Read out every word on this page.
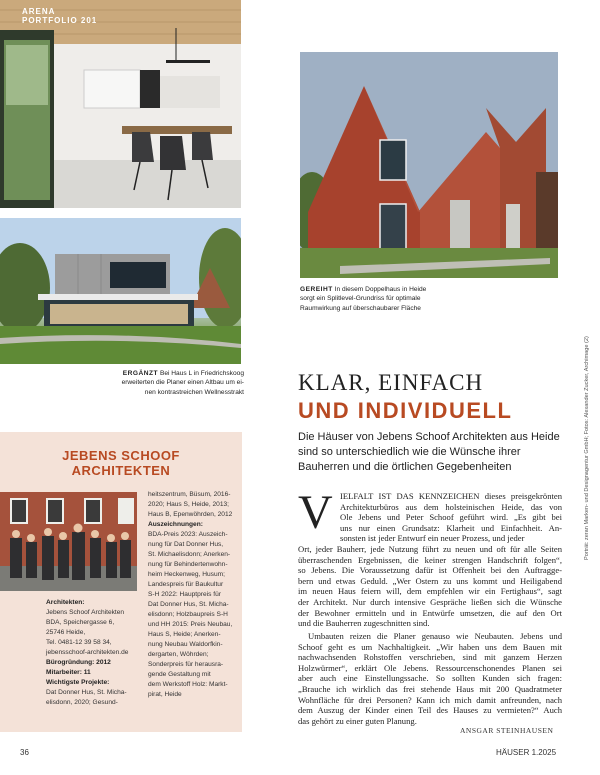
ARENA
PORTFOLIO 201
GEREIHT In diesem Doppelhaus in Heide
sorgt ein Splitlevel-Grundriss für optimale
Raumwirkung auf überschaubarer Fläche
ERGÄNZT Bei Haus L in Friedrichskoog
erweiterten die Planer einen Altbau um ei-
nen kontrastreichen Wellnesstrakt KLAR, EINFACH
UND INDIVIDUELL
Die Häuser von Jebens Schoof Architekten aus Heide sind so unterschiedlich wie die Wünsche ihrer Bauherren und die örtlichen Gegebenheiten
V IELFALT IST DAS KENNZEICHEN dieses preisgekrönten
Architekturbüros aus dem holsteinischen Heide, das von
Ole Jebens und Peter Schoof geführt wird. „Es gibt bei
uns nur einen Grundsatz: Klarheit und Einfachheit. An-
sonsten ist jeder Entwurf ein neuer Prozess, und jeder
Ort, jeder Bauherr, jede Nutzung führt zu neuen und oft für alle Seiten
überraschenden Ergebnissen, die keiner strengen Handschrift folgen“,
so Jebens. Die Voraussetzung dafür ist Offenheit bei den Auftragge-
bern und etwas Geduld. „Wer Ostern zu uns kommt und Heiligabend
im neuen Haus feiern will, dem empfehlen wir ein Fertighaus“, sagt
der Architekt. Nur durch intensive Gespräche ließen sich die Wünsche
der Bewohner ermitteln und in Entwürfe umsetzen, die auf den Ort
und die Bauherren zugeschnitten sind.
Umbauten reizen die Planer genauso wie Neubauten. Jebens und
Schoof geht es um Nachhaltigkeit. „Wir haben uns dem Bauen mit
nachwachsenden Rohstoffen verschrieben, sind mit ganzem Herzen
Holzwürmer“, erklärt Ole Jebens. Ressourcenschonendes Planen sei
aber auch eine Einstellungssache. So sollten Kunden sich fragen:
„Brauche ich wirklich das frei stehende Haus mit 200 Quadratmeter
Wohnfläche für drei Personen? Kann ich mich damit anfreunden, nach
dem Auszug der Kinder einen Teil des Hauses zu vermieten?“ Auch
das gehört zu einer guten Planung.
ANSGAR STEINHAUSEN
JEBENS SCHOOF
ARCHITEKTEN
Architekten:
Jebens Schoof Architekten
BDA, Speichergasse 6,
25746 Heide,
Tel. 0481-12 39 58 34,
jebensschoof-architekten.de
Bürogründung: 2012
Mitarbeiter: 11
Wichtigste Projekte:
Dat Donner Hus, St. Micha-
elisdonn, 2020; Gesund-
heitszentrum, Büsum, 2016-
2020; Haus S, Heide, 2013;
Haus B, Epenwöhrden, 2012
Auszeichnungen:
BDA-Preis 2023: Auszeich-
nung für Dat Donner Hus,
St. Michaelisdonn; Anerken-
nung für Behindertenwohn-
heim Heckenweg, Husum;
Landespreis für Baukultur
S-H 2022: Hauptpreis für
Dat Donner Hus, St. Micha-
elisdonn; Holzbaupreis S-H
und HH 2015: Preis Neubau,
Haus S, Heide; Anerken-
nung Neubau Waldorfkin-
dergarten, Wöhrden;
Sonderpreis für herausra-
gende Gestaltung mit
dem Werkstoff Holz: Markt-
pirat, Heide
Porträt: zeran Marken- und Designagentur GmbH; Fotos: Alexander Zucker, Archimage (2)
36	HÄUSER 1.2025
